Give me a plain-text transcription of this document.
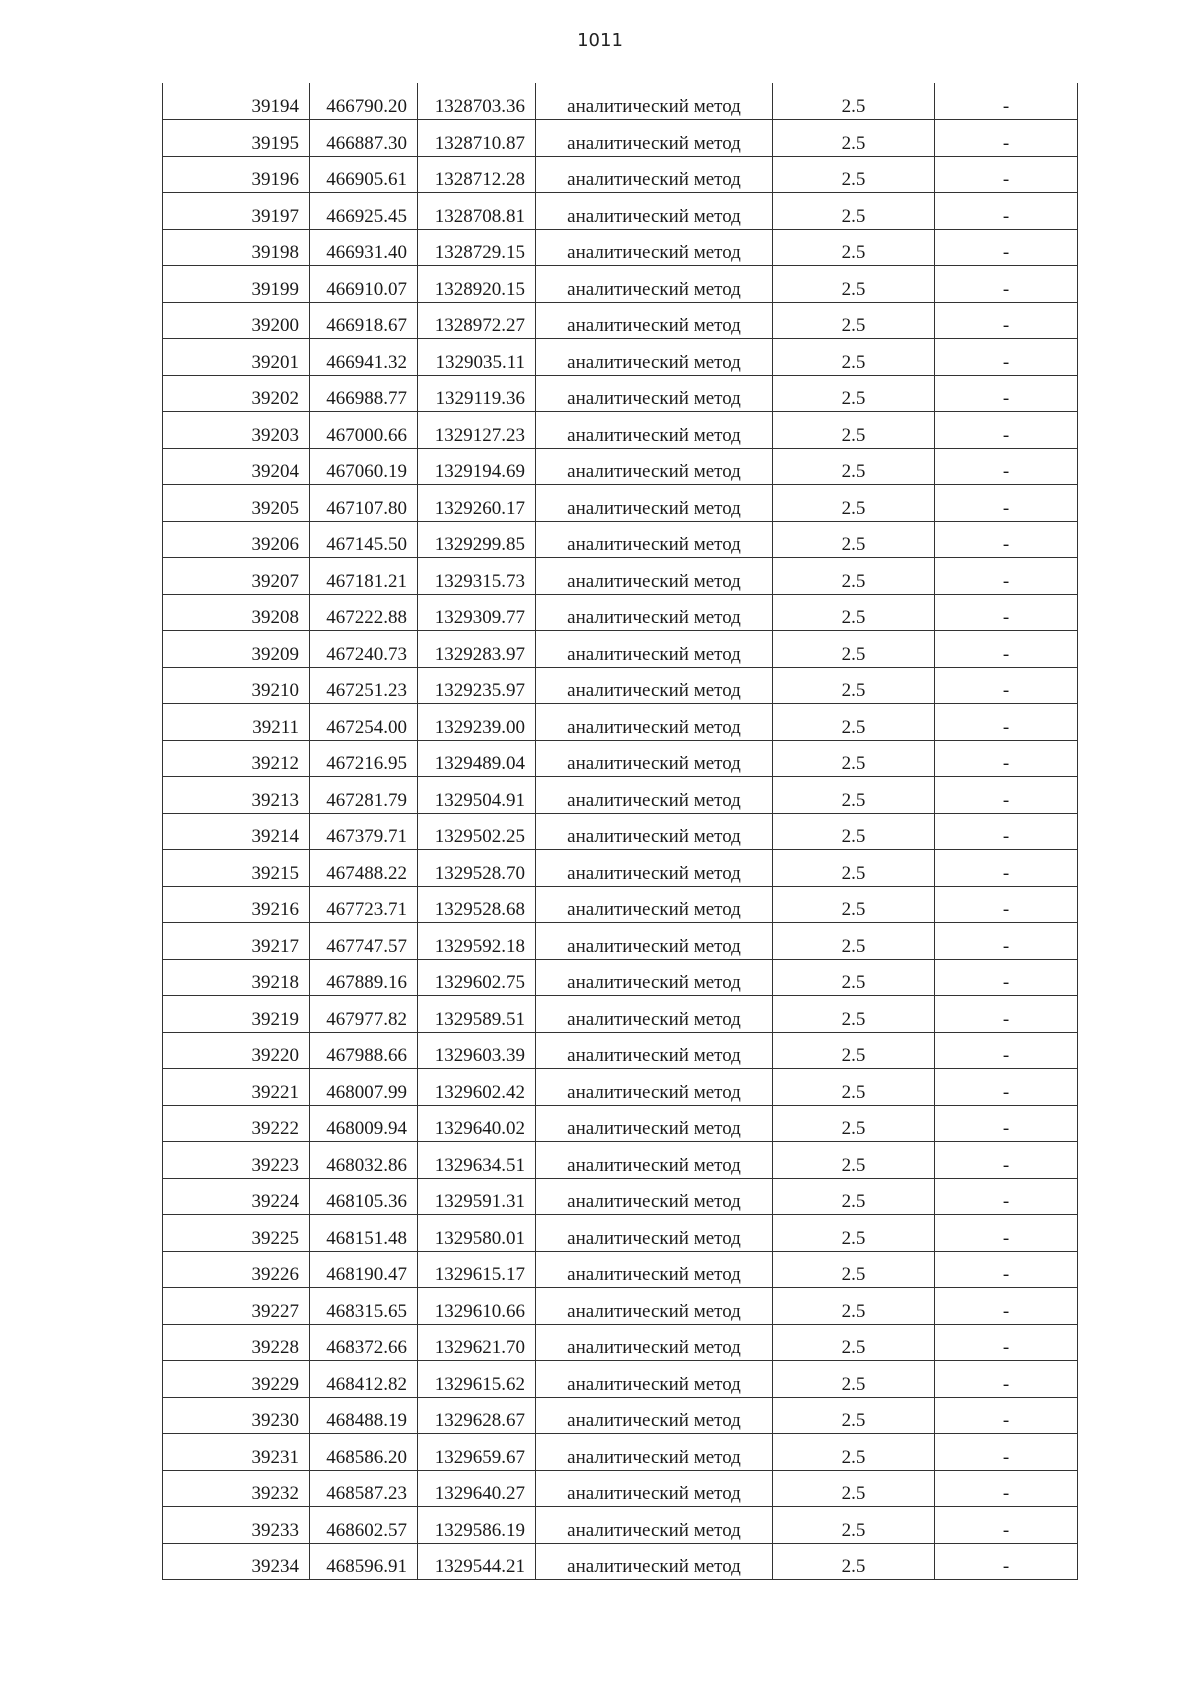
1011
39194	466790.20	1328703.36	аналитический метод	2.5	-
39195	466887.30	1328710.87	аналитический метод	2.5	-
39196	466905.61	1328712.28	аналитический метод	2.5	-
39197	466925.45	1328708.81	аналитический метод	2.5	-
39198	466931.40	1328729.15	аналитический метод	2.5	-
39199	466910.07	1328920.15	аналитический метод	2.5	-
39200	466918.67	1328972.27	аналитический метод	2.5	-
39201	466941.32	1329035.11	аналитический метод	2.5	-
39202	466988.77	1329119.36	аналитический метод	2.5	-
39203	467000.66	1329127.23	аналитический метод	2.5	-
39204	467060.19	1329194.69	аналитический метод	2.5	-
39205	467107.80	1329260.17	аналитический метод	2.5	-
39206	467145.50	1329299.85	аналитический метод	2.5	-
39207	467181.21	1329315.73	аналитический метод	2.5	-
39208	467222.88	1329309.77	аналитический метод	2.5	-
39209	467240.73	1329283.97	аналитический метод	2.5	-
39210	467251.23	1329235.97	аналитический метод	2.5	-
39211	467254.00	1329239.00	аналитический метод	2.5	-
39212	467216.95	1329489.04	аналитический метод	2.5	-
39213	467281.79	1329504.91	аналитический метод	2.5	-
39214	467379.71	1329502.25	аналитический метод	2.5	-
39215	467488.22	1329528.70	аналитический метод	2.5	-
39216	467723.71	1329528.68	аналитический метод	2.5	-
39217	467747.57	1329592.18	аналитический метод	2.5	-
39218	467889.16	1329602.75	аналитический метод	2.5	-
39219	467977.82	1329589.51	аналитический метод	2.5	-
39220	467988.66	1329603.39	аналитический метод	2.5	-
39221	468007.99	1329602.42	аналитический метод	2.5	-
39222	468009.94	1329640.02	аналитический метод	2.5	-
39223	468032.86	1329634.51	аналитический метод	2.5	-
39224	468105.36	1329591.31	аналитический метод	2.5	-
39225	468151.48	1329580.01	аналитический метод	2.5	-
39226	468190.47	1329615.17	аналитический метод	2.5	-
39227	468315.65	1329610.66	аналитический метод	2.5	-
39228	468372.66	1329621.70	аналитический метод	2.5	-
39229	468412.82	1329615.62	аналитический метод	2.5	-
39230	468488.19	1329628.67	аналитический метод	2.5	-
39231	468586.20	1329659.67	аналитический метод	2.5	-
39232	468587.23	1329640.27	аналитический метод	2.5	-
39233	468602.57	1329586.19	аналитический метод	2.5	-
39234	468596.91	1329544.21	аналитический метод	2.5	-
